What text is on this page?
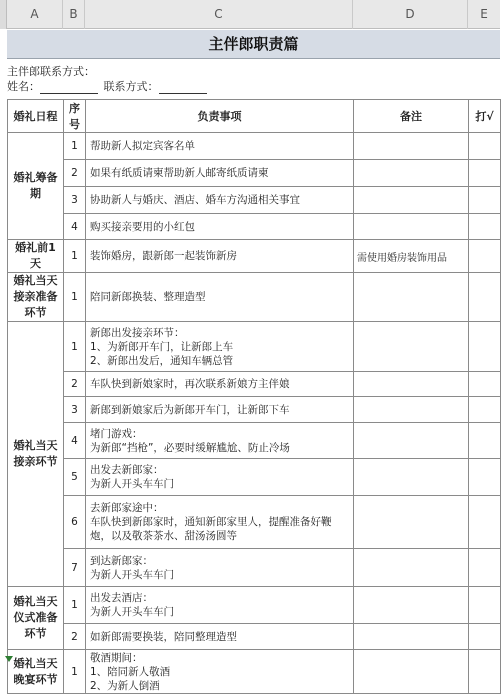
A	B	C	D	E
主伴郎职责篇
主伴郎联系方式：
姓名：	联系方式：
婚礼日程	序号	负责事项	备注	打√
婚礼筹备期	1	帮助新人拟定宾客名单		

	2	如果有纸质请柬帮助新人邮寄纸质请柬		

	3	协助新人与婚庆、酒店、婚车方沟通相关事宜		

	4	购买接亲要用的小红包		

婚礼前1天	1	装饰婚房，跟新郎一起装饰新房	需使用婚房装饰用品	
婚礼当天接亲准备环节	1	陪同新郎换装、整理造型		

婚礼当天接亲环节	1	新郎出发接亲环节：
1、为新郎开车门，让新郎上车
2、新郎出发后，通知车辆总管		

	2	车队快到新娘家时，再次联系新娘方主伴娘		

	3	新郎到新娘家后为新郎开车门，让新郎下车		

	4	堵门游戏：
为新郎“挡枪”，必要时缓解尴尬、防止冷场		

	5	出发去新郎家：
为新人开头车车门		

	6	去新郎家途中：
车队快到新郎家时，通知新郎家里人，提醒准备好鞭
炮，以及敬茶茶水、甜汤汤圆等		

	7	到达新郎家：
为新人开头车车门		

婚礼当天仪式准备环节	1	出发去酒店：
为新人开头车车门		

	2	如新郎需要换装，陪同整理造型		

婚礼当天晚宴环节	1	敬酒期间：
1、陪同新人敬酒
2、为新人倒酒		
